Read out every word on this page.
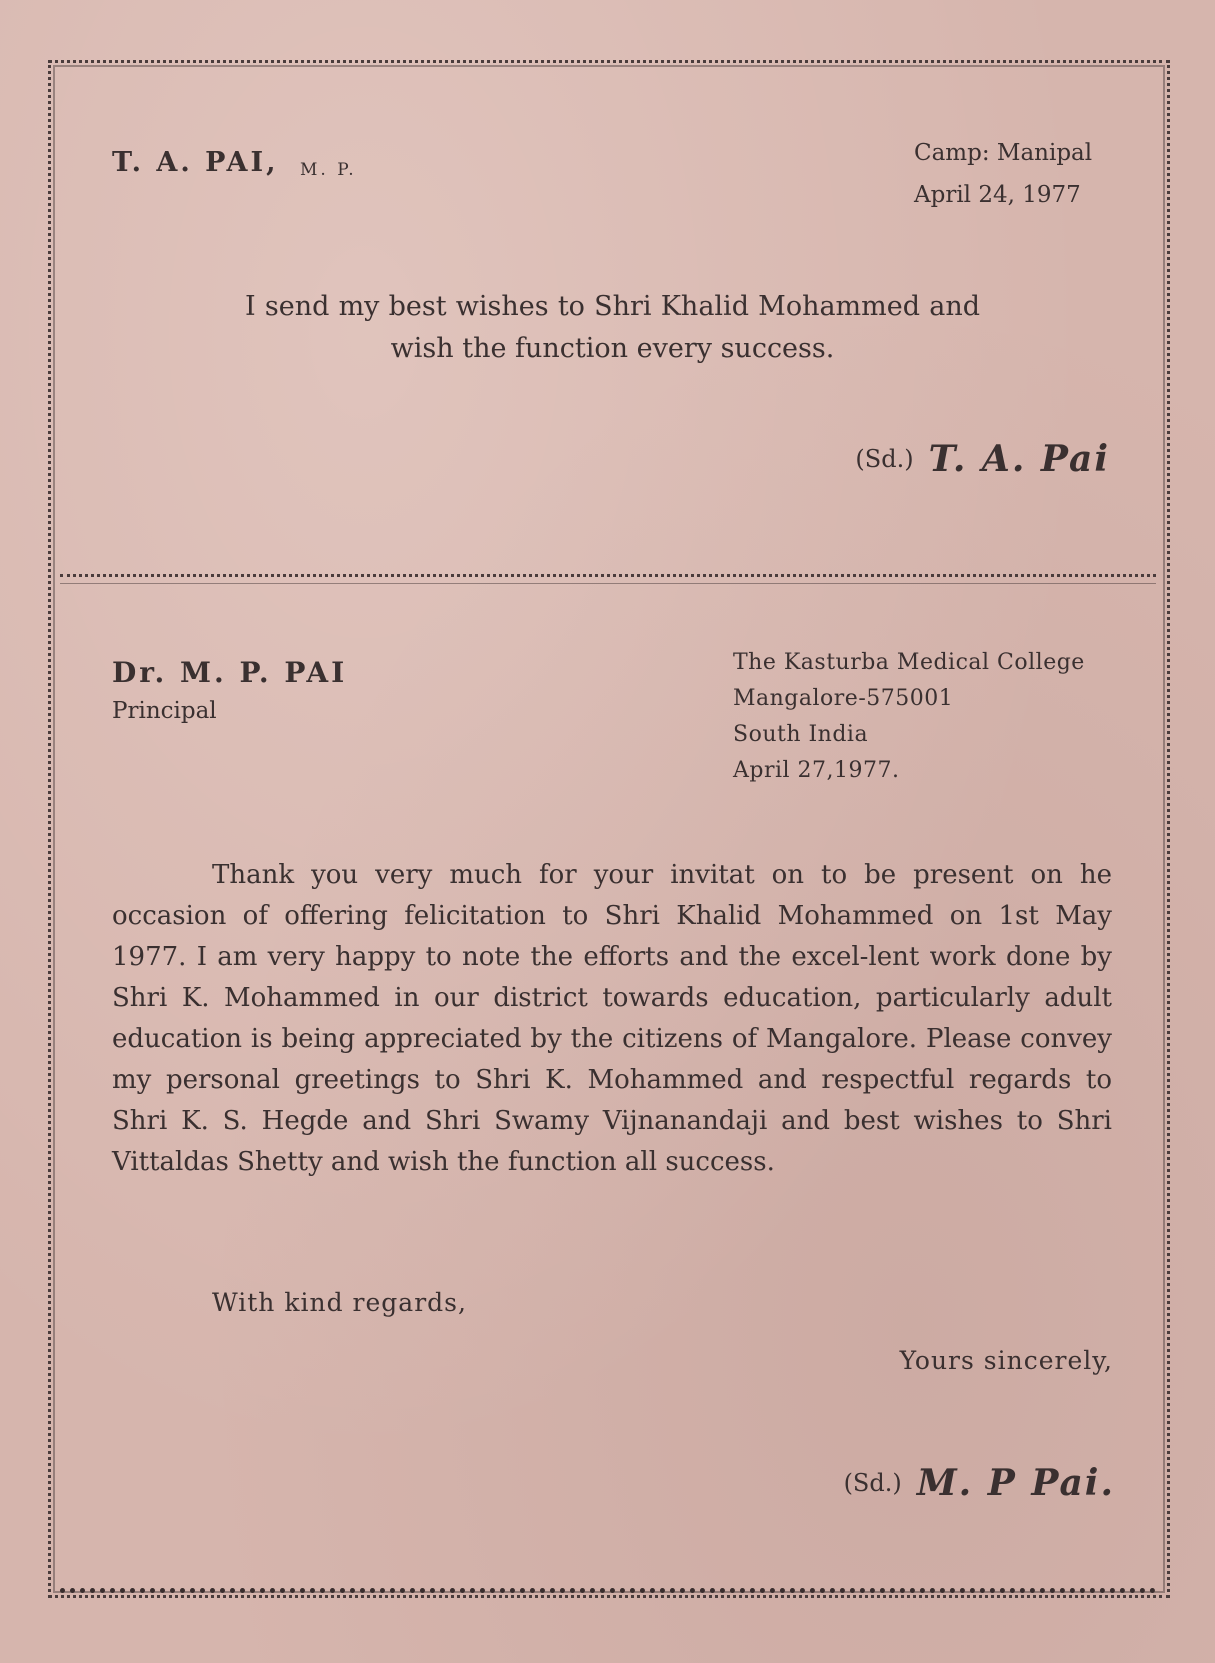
T. A. PAI, M. P.
Camp: Manipal
April 24, 1977
I send my best wishes to Shri Khalid Mohammed and wish the function every success.
(Sd.) T. A. Pai
Dr. M. P. PAI
Principal
The Kasturba Medical College
Mangalore-575001
South India
April 27,1977.

Thank you very much for your invitat on to be present on he occasion of offering felicitation to Shri Khalid Mohammed on 1st May 1977. I am very happy to note the efforts and the excel-lent work done by Shri K. Mohammed in our district towards education, particularly adult education is being appreciated by the citizens of Mangalore. Please convey my personal greetings to Shri K. Mohammed and respectful regards to Shri K. S. Hegde and Shri Swamy Vijnanandaji and best wishes to Shri Vittaldas Shetty and wish the function all success.

With kind regards,
Yours sincerely,
(Sd.) M. P Pai.
